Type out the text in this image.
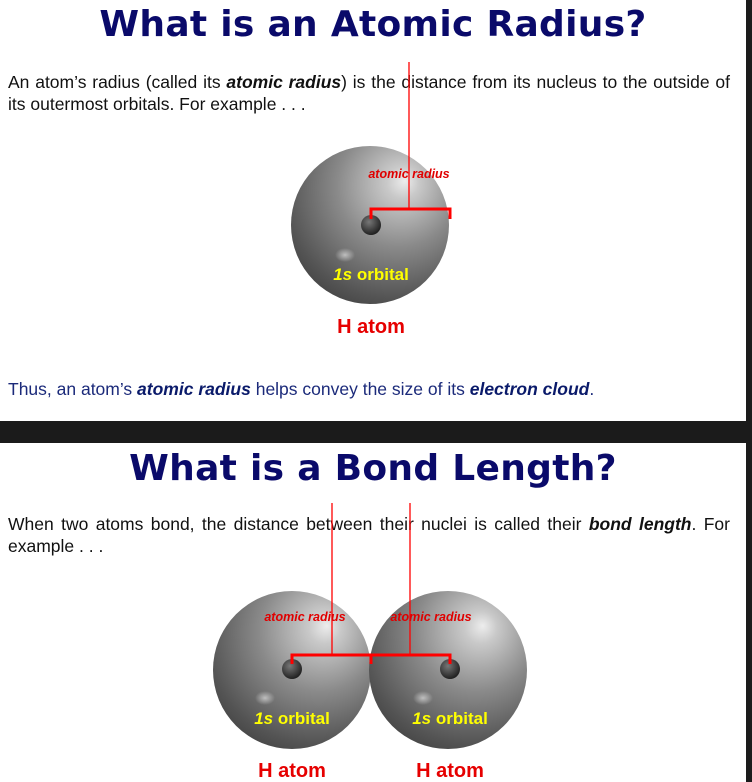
What is an Atomic Radius?
An atom’s radius (called its atomic radius) is the distance from its nucleus to the outside of its outermost orbitals. For example . . .
atomic radius
1s orbital
H atom
Thus, an atom’s atomic radius helps convey the size of its electron cloud.
What is a Bond Length?
When two atoms bond, the distance between their nuclei is called their bond length. For example . . .
atomic radius	atomic radius
1s orbital	1s orbital
H atom	H atom
